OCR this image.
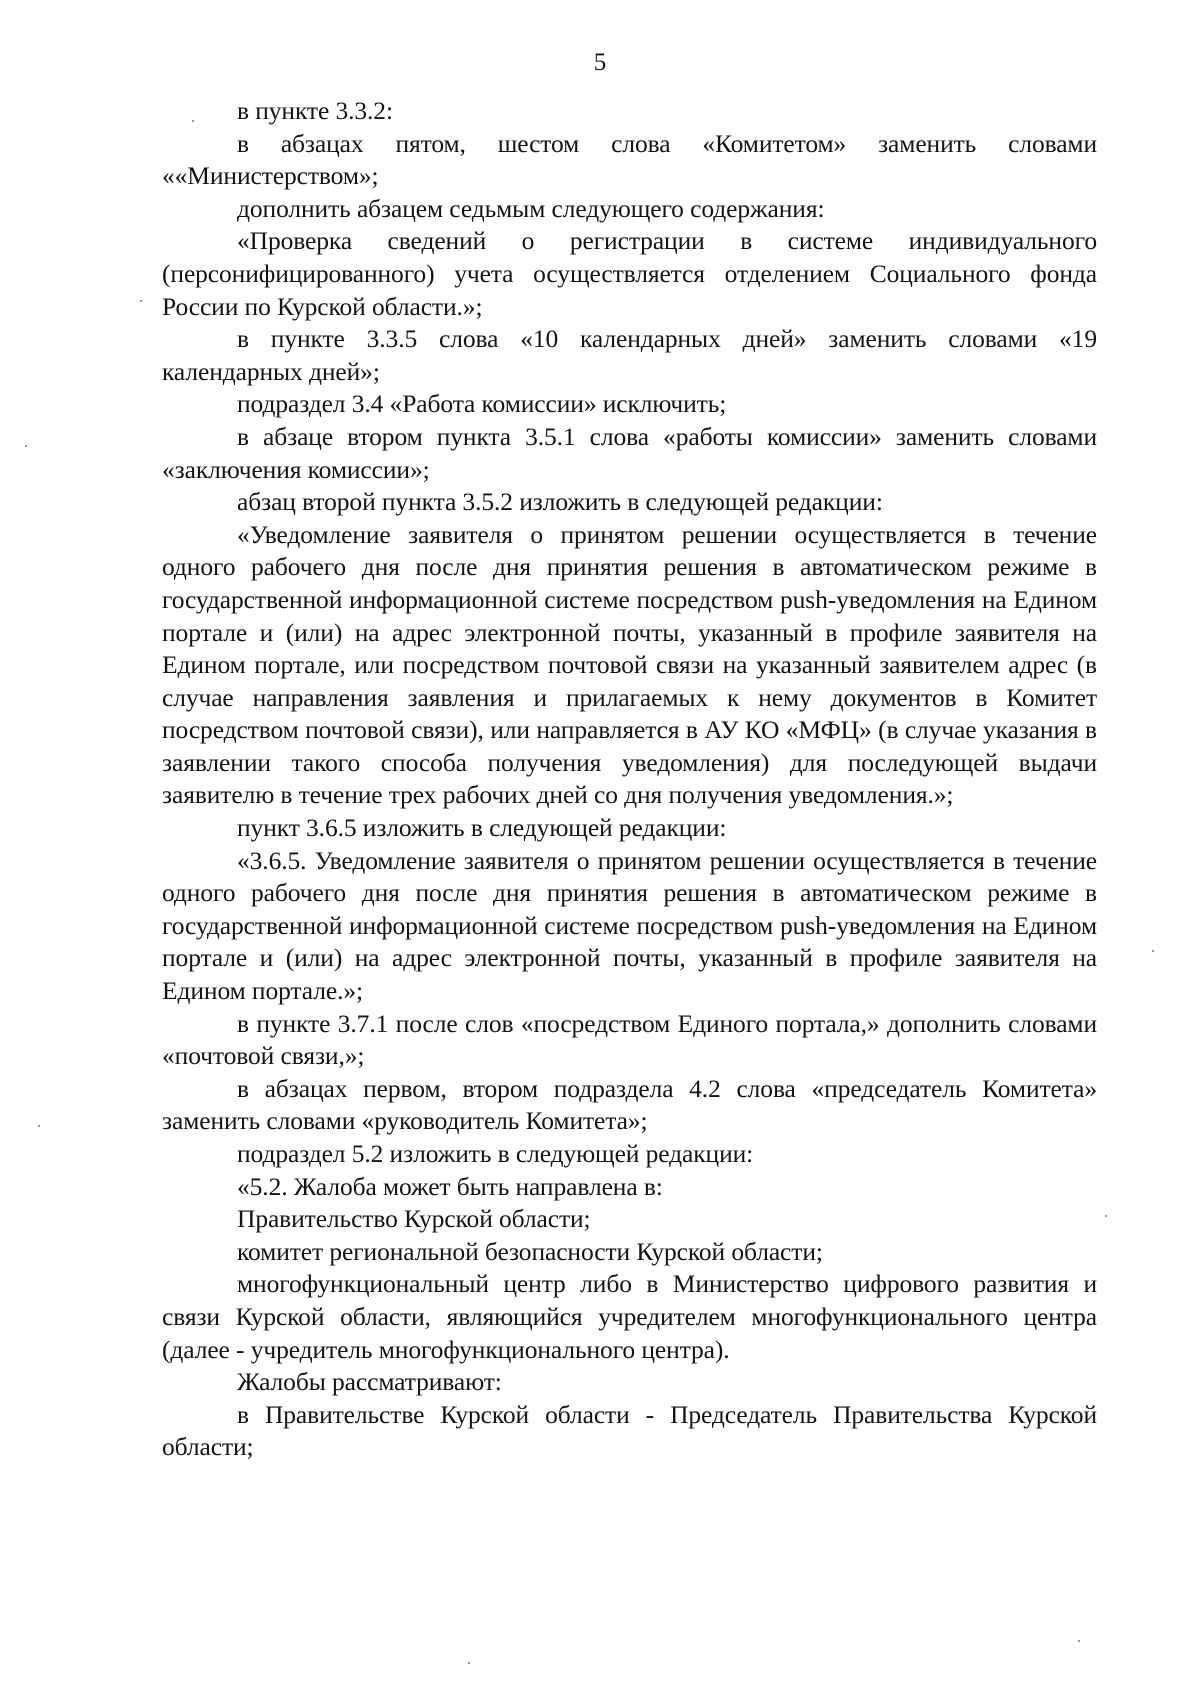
5

в пункте 3.3.2:

в абзацах пятом, шестом слова «Комитетом» заменить словами ««Министерством»;

дополнить абзацем седьмым следующего содержания:

«Проверка сведений о регистрации в системе индивидуального (персонифицированного) учета осуществляется отделением Социального фонда России по Курской области.»;

в пункте 3.3.5 слова «10 календарных дней» заменить словами «19 календарных дней»;

подраздел 3.4 «Работа комиссии» исключить;

в абзаце втором пункта 3.5.1 слова «работы комиссии» заменить словами «заключения комиссии»;

абзац второй пункта 3.5.2 изложить в следующей редакции:

«Уведомление заявителя о принятом решении осуществляется в течение одного рабочего дня после дня принятия решения в автоматическом режиме в государственной информационной системе посредством push-уведомления на Едином портале и (или) на адрес электронной почты, указанный в профиле заявителя на Едином портале, или посредством почтовой связи на указанный заявителем адрес (в случае направления заявления и прилагаемых к нему документов в Комитет посредством почтовой связи), или направляется в АУ КО «МФЦ» (в случае указания в заявлении такого способа получения уведомления) для последующей выдачи заявителю в течение трех рабочих дней со дня получения уведомления.»;

пункт 3.6.5 изложить в следующей редакции:

«3.6.5. Уведомление заявителя о принятом решении осуществляется в течение одного рабочего дня после дня принятия решения в автоматическом режиме в государственной информационной системе посредством push-уведомления на Едином портале и (или) на адрес электронной почты, указанный в профиле заявителя на Едином портале.»;

в пункте 3.7.1 после слов «посредством Единого портала,» дополнить словами «почтовой связи,»;

в абзацах первом, втором подраздела 4.2 слова «председатель Комитета» заменить словами «руководитель Комитета»;

подраздел 5.2 изложить в следующей редакции:

«5.2. Жалоба может быть направлена в:

Правительство Курской области;

комитет региональной безопасности Курской области;

многофункциональный центр либо в Министерство цифрового развития и связи Курской области, являющийся учредителем многофункционального центра (далее - учредитель многофункционального центра).

Жалобы рассматривают:

в Правительстве Курской области - Председатель Правительства Курской области;
